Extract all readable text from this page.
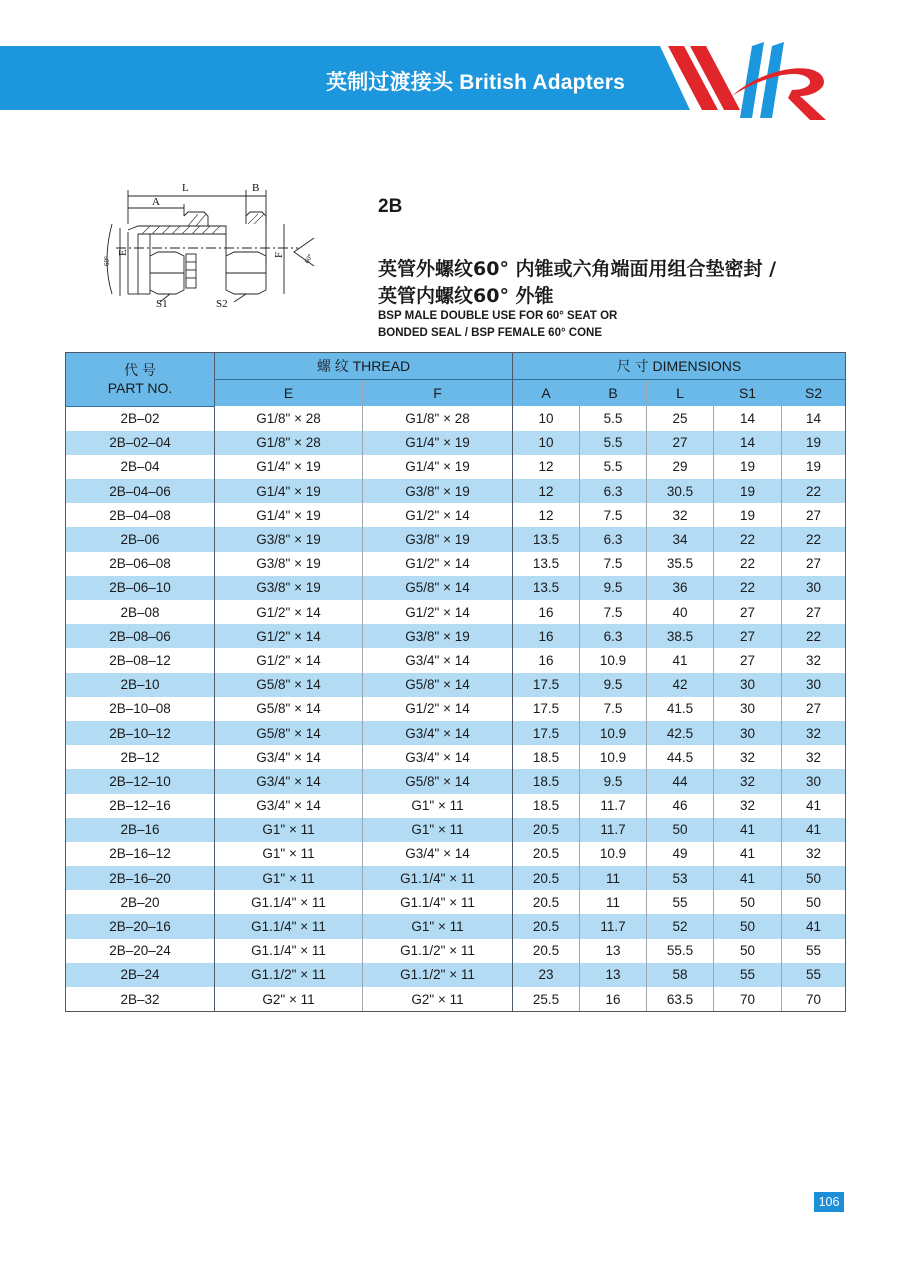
英制过渡接头 British Adapters
L
A
B
S1	S2
E	F
60°	60°
2B
英管外螺纹60° 内锥或六角端面用组合垫密封 /
英管内螺纹60° 外锥
BSP MALE DOUBLE USE FOR 60° SEAT OR
BONDED SEAL / BSP FEMALE 60° CONE
代 号
PART NO.	螺 纹 THREAD		尺 寸 DIMENSIONS				
	E	F	A	B	L	S1	S2
2B–02	G1/8" × 28	G1/8" × 28	10	5.5	25	14	14
2B–02–04	G1/8" × 28	G1/4" × 19	10	5.5	27	14	19
2B–04	G1/4" × 19	G1/4" × 19	12	5.5	29	19	19
2B–04–06	G1/4" × 19	G3/8" × 19	12	6.3	30.5	19	22
2B–04–08	G1/4" × 19	G1/2" × 14	12	7.5	32	19	27
2B–06	G3/8" × 19	G3/8" × 19	13.5	6.3	34	22	22
2B–06–08	G3/8" × 19	G1/2" × 14	13.5	7.5	35.5	22	27
2B–06–10	G3/8" × 19	G5/8" × 14	13.5	9.5	36	22	30
2B–08	G1/2" × 14	G1/2" × 14	16	7.5	40	27	27
2B–08–06	G1/2" × 14	G3/8" × 19	16	6.3	38.5	27	22
2B–08–12	G1/2" × 14	G3/4" × 14	16	10.9	41	27	32
2B–10	G5/8" × 14	G5/8" × 14	17.5	9.5	42	30	30
2B–10–08	G5/8" × 14	G1/2" × 14	17.5	7.5	41.5	30	27
2B–10–12	G5/8" × 14	G3/4" × 14	17.5	10.9	42.5	30	32
2B–12	G3/4" × 14	G3/4" × 14	18.5	10.9	44.5	32	32
2B–12–10	G3/4" × 14	G5/8" × 14	18.5	9.5	44	32	30
2B–12–16	G3/4" × 14	G1" × 11	18.5	11.7	46	32	41
2B–16	G1" × 11	G1" × 11	20.5	11.7	50	41	41
2B–16–12	G1" × 11	G3/4" × 14	20.5	10.9	49	41	32
2B–16–20	G1" × 11	G1.1/4" × 11	20.5	11	53	41	50
2B–20	G1.1/4" × 11	G1.1/4" × 11	20.5	11	55	50	50
2B–20–16	G1.1/4" × 11	G1" × 11	20.5	11.7	52	50	41
2B–20–24	G1.1/4" × 11	G1.1/2" × 11	20.5	13	55.5	50	55
2B–24	G1.1/2" × 11	G1.1/2" × 11	23	13	58	55	55
2B–32	G2" × 11	G2" × 11	25.5	16	63.5	70	70
106
